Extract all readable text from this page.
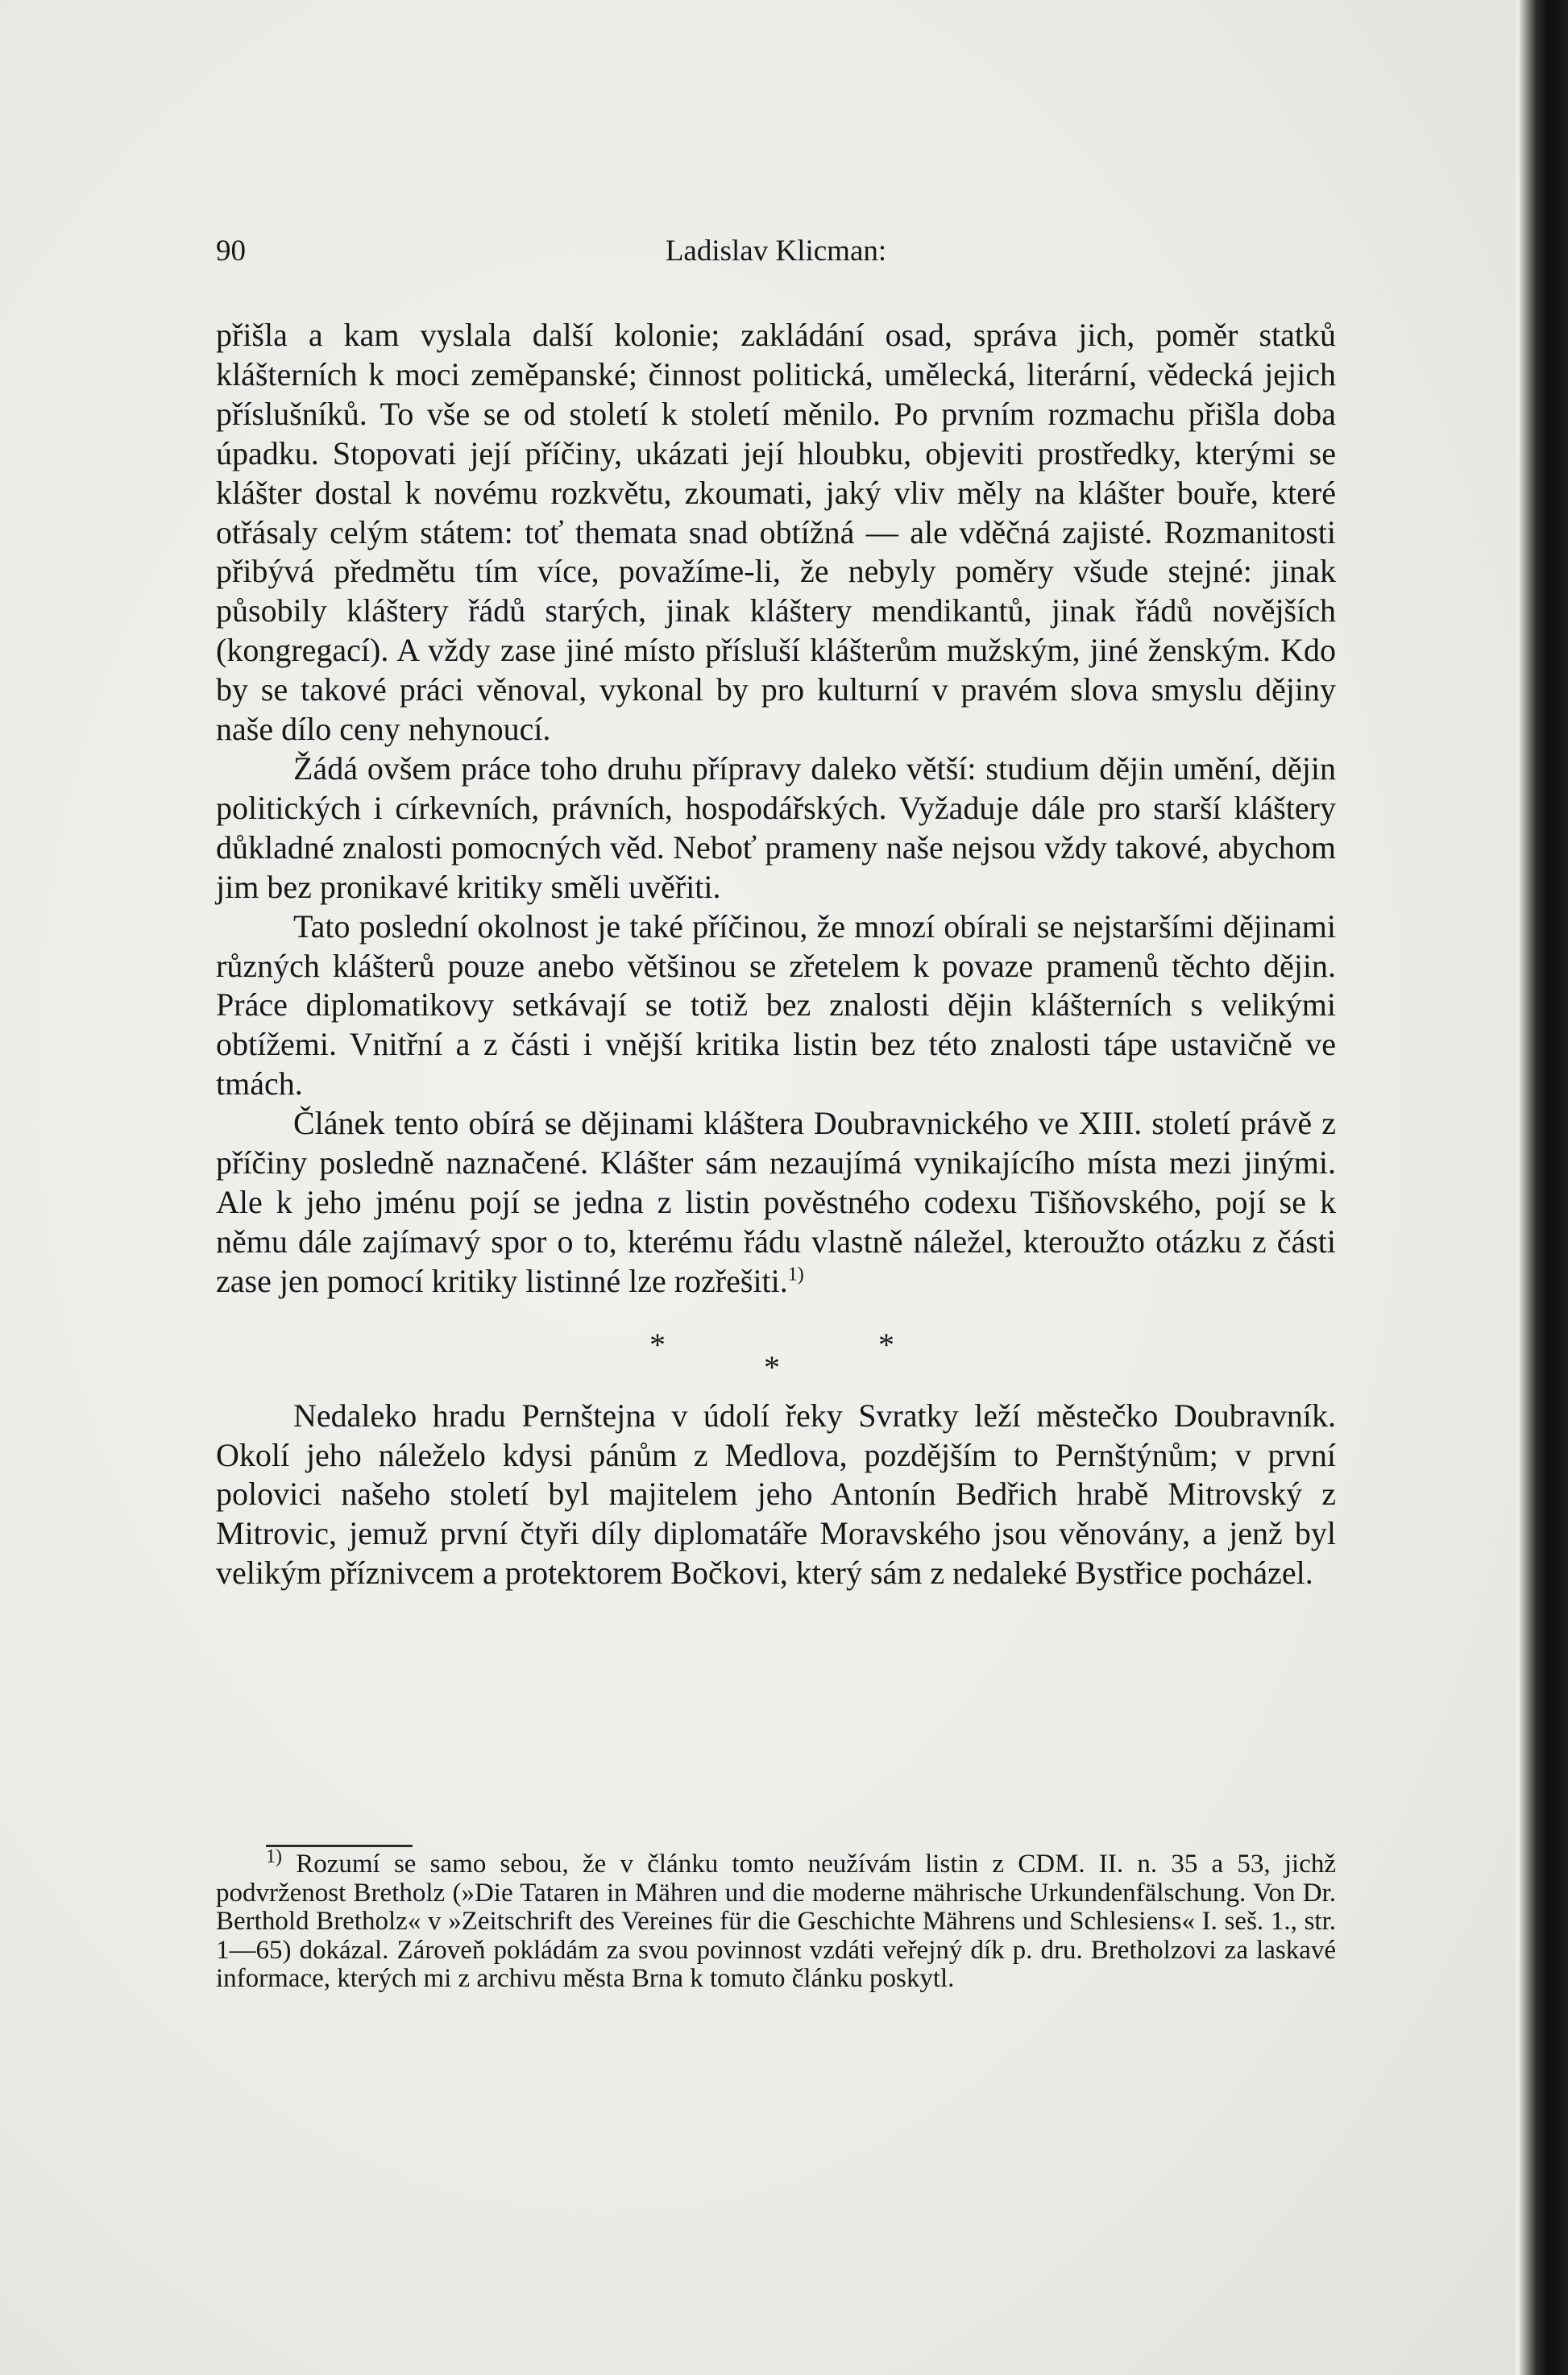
90	Ladislav Klicman:

přišla a kam vyslala další kolonie; zakládání osad, správa jich, poměr statků klášterních k moci zeměpanské; činnost politická, umělecká, literární, vědecká jejich příslušníků. To vše se od století k století měnilo. Po prvním rozmachu přišla doba úpadku. Stopovati její příčiny, ukázati její hloubku, objeviti prostředky, kterými se klášter dostal k novému rozkvětu, zkoumati, jaký vliv měly na klášter bouře, které otřásaly celým státem: toť themata snad obtížná — ale vděčná zajisté. Rozmanitosti přibývá předmětu tím více, považíme-li, že nebyly poměry všude stejné: jinak působily kláštery řádů starých, jinak kláštery mendikantů, jinak řádů novějších (kongregací). A vždy zase jiné místo přísluší klášterům mužským, jiné ženským. Kdo by se takové práci věnoval, vykonal by pro kulturní v pravém slova smyslu dějiny naše dílo ceny nehynoucí.

Žádá ovšem práce toho druhu přípravy daleko větší: studium dějin umění, dějin politických i církevních, právních, hospodářských. Vyžaduje dále pro starší kláštery důkladné znalosti pomocných věd. Neboť prameny naše nejsou vždy takové, abychom jim bez pronikavé kritiky směli uvěřiti.

Tato poslední okolnost je také příčinou, že mnozí obírali se nejstaršími dějinami různých klášterů pouze anebo většinou se zřetelem k povaze pramenů těchto dějin. Práce diplomatikovy setkávají se totiž bez znalosti dějin klášterních s velikými obtížemi. Vnitřní a z části i vnější kritika listin bez této znalosti tápe ustavičně ve tmách.

Článek tento obírá se dějinami kláštera Doubravnického ve XIII. století právě z příčiny posledně naznačené. Klášter sám nezaujímá vynikajícího místa mezi jinými. Ale k jeho jménu pojí se jedna z listin pověstného codexu Tišňovského, pojí se k němu dále zajímavý spor o to, kterému řádu vlastně náležel, kteroužto otázku z části zase jen pomocí kritiky listinné lze rozřešiti.$^{1)}$

*
*
*

Nedaleko hradu Pernštejna v údolí řeky Svratky leží městečko Doubravník. Okolí jeho náleželo kdysi pánům z Medlova, pozdějším to Pernštýnům; v první polovici našeho století byl majitelem jeho Antonín Bedřich hrabě Mitrovský z Mitrovic, jemuž první čtyři díly diplomatáře Moravského jsou věnovány, a jenž byl velikým příznivcem a protektorem Bočkovi, který sám z nedaleké Bystřice pocházel.

$^{1)}$ Rozumí se samo sebou, že v článku tomto neužívám listin z CDM. II. n. 35 a 53, jichž podvrženost Bretholz (»Die Tataren in Mähren und die moderne mährische Urkundenfälschung. Von Dr. Berthold Bretholz« v »Zeitschrift des Vereines für die Geschichte Mährens und Schlesiens« I. seš. 1., str. 1—65) dokázal. Zároveň pokládám za svou povinnost vzdáti veřejný dík p. dru. Bretholzovi za laskavé informace, kterých mi z archivu města Brna k tomuto článku poskytl.
